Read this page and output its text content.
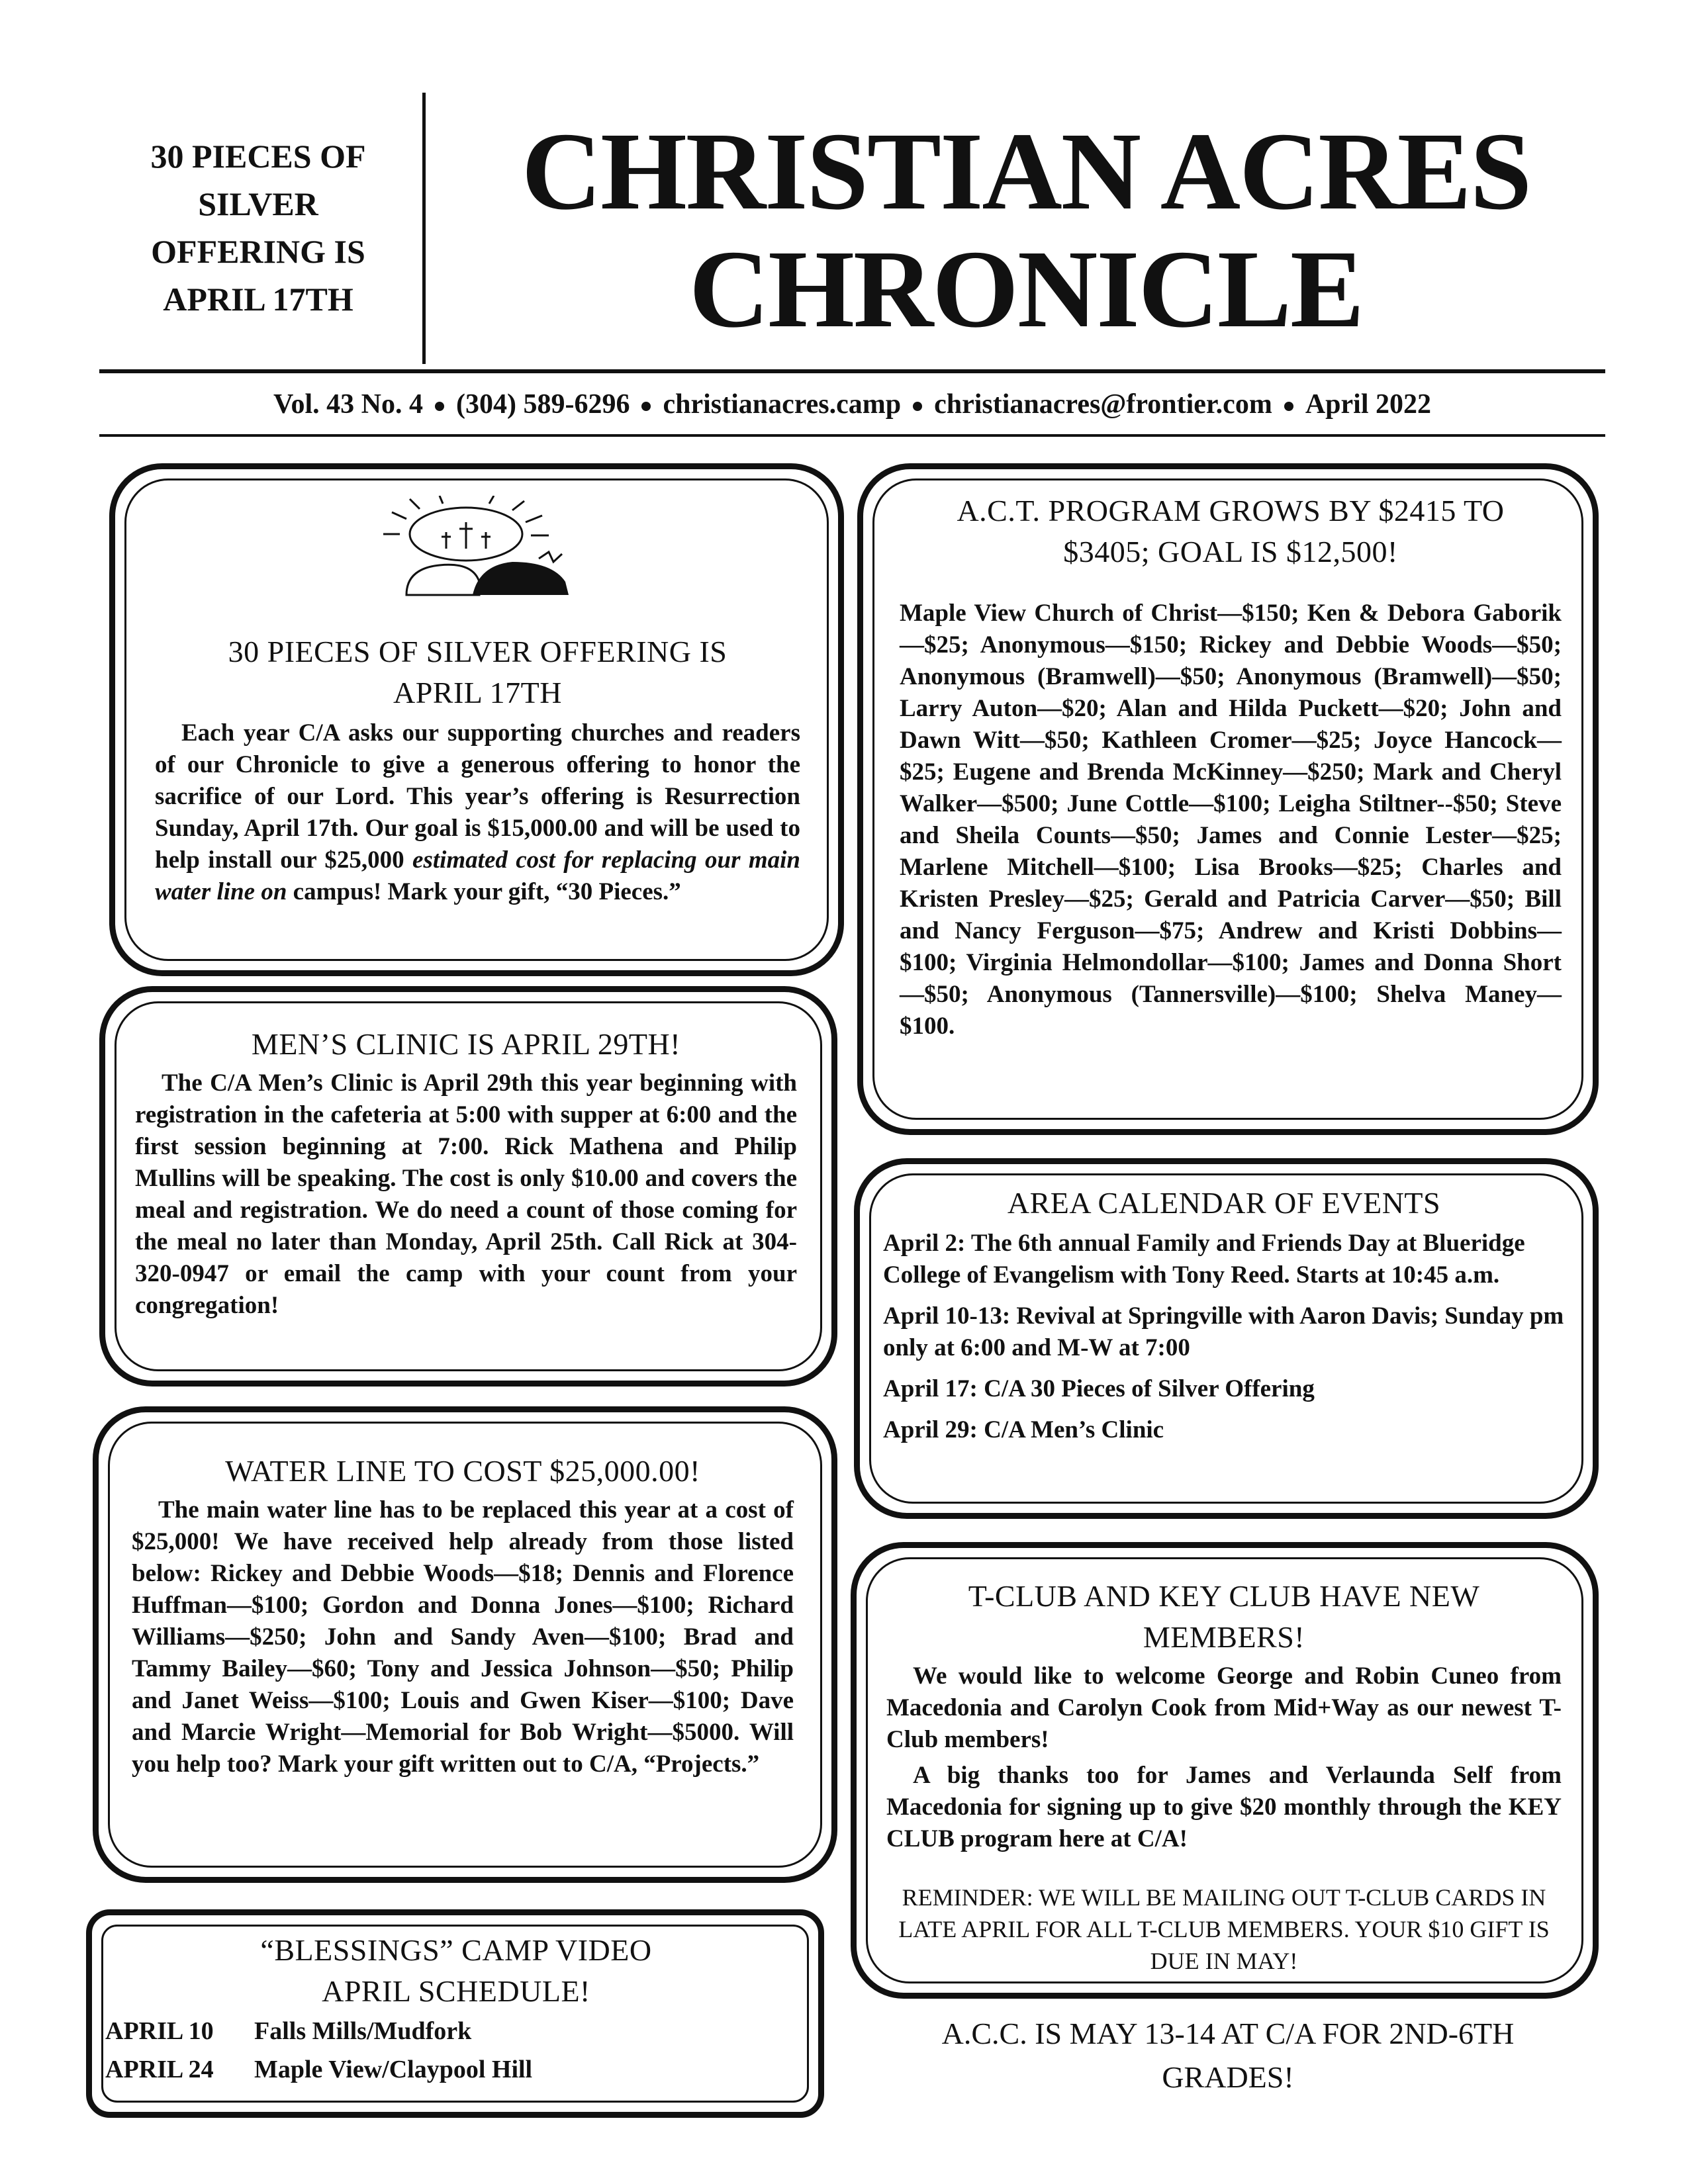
30 PIECES OF
SILVER
OFFERING IS
APRIL 17TH
CHRISTIAN ACRES
CHRONICLE
Vol. 43 No. 4 (304) 589-6296 christianacres.camp christianacres@frontier.com April 2022
30 PIECES OF SILVER OFFERING IS
APRIL 17TH

Each year C/A asks our supporting churches and readers of our Chronicle to give a generous offering to honor the sacrifice of our Lord. This year’s offering is Resurrection Sunday, April 17th. Our goal is $15,000.00 and will be used to help install our $25,000 estimated cost for replacing our main water line on campus! Mark your gift, “30 Pieces.”

MEN’S CLINIC IS APRIL 29TH!

The C/A Men’s Clinic is April 29th this year beginning with registration in the cafeteria at 5:00 with supper at 6:00 and the first session beginning at 7:00. Rick Mathena and Philip Mullins will be speaking. The cost is only $10.00 and covers the meal and registration. We do need a count of those coming for the meal no later than Monday, April 25th. Call Rick at 304-320-0947 or email the camp with your count from your congregation!

WATER LINE TO COST $25,000.00!

The main water line has to be replaced this year at a cost of $25,000! We have received help already from those listed below: Rickey and Debbie Woods—$18; Dennis and Florence Huffman—$100; Gordon and Donna Jones—$100; Richard Williams—$250; John and Sandy Aven—$100; Brad and Tammy Bailey—$60; Tony and Jessica Johnson—$50; Philip and Janet Weiss—$100; Louis and Gwen Kiser—$100; Dave and Marcie Wright—Memorial for Bob Wright—$5000. Will you help too? Mark your gift written out to C/A, “Projects.”

“BLESSINGS” CAMP VIDEO
APRIL SCHEDULE!
APRIL 10 Falls Mills/Mudfork
APRIL 24 Maple View/Claypool Hill
A.C.T. PROGRAM GROWS BY $2415 TO
$3405; GOAL IS $12,500!

Maple View Church of Christ—$150; Ken & Debora Gaborik—$25; Anonymous—$150; Rickey and Debbie Woods—$50; Anonymous (Bramwell)—$50; Anonymous (Bramwell)—$50; Larry Auton—$20; Alan and Hilda Puckett—$20; John and Dawn Witt—$50; Kathleen Cromer—$25; Joyce Hancock—$25; Eugene and Brenda McKinney—$250; Mark and Cheryl Walker—$500; June Cottle—$100; Leigha Stiltner--$50; Steve and Sheila Counts—$50; James and Connie Lester—$25; Marlene Mitchell—$100; Lisa Brooks—$25; Charles and Kristen Presley—$25; Gerald and Patricia Carver—$50; Bill and Nancy Ferguson—$75; Andrew and Kristi Dobbins—$100; Virginia Helmondollar—$100; James and Donna Short—$50; Anonymous (Tannersville)—$100; Shelva Maney—$100.

AREA CALENDAR OF EVENTS
April 2: The 6th annual Family and Friends Day at Blueridge College of Evangelism with Tony Reed. Starts at 10:45 a.m.
April 10-13: Revival at Springville with Aaron Davis; Sunday pm only at 6:00 and M-W at 7:00
April 17: C/A 30 Pieces of Silver Offering
April 29: C/A Men’s Clinic
T-CLUB AND KEY CLUB HAVE NEW
MEMBERS!

We would like to welcome George and Robin Cuneo from Macedonia and Carolyn Cook from Mid+Way as our newest T-Club members!

A big thanks too for James and Verlaunda Self from Macedonia for signing up to give $20 monthly through the KEY CLUB program here at C/A!

REMINDER: WE WILL BE MAILING OUT T-CLUB CARDS IN LATE APRIL FOR ALL T-CLUB MEMBERS. YOUR $10 GIFT IS DUE IN MAY!

A.C.C. IS MAY 13-14 AT C/A FOR 2ND-6TH
GRADES!
